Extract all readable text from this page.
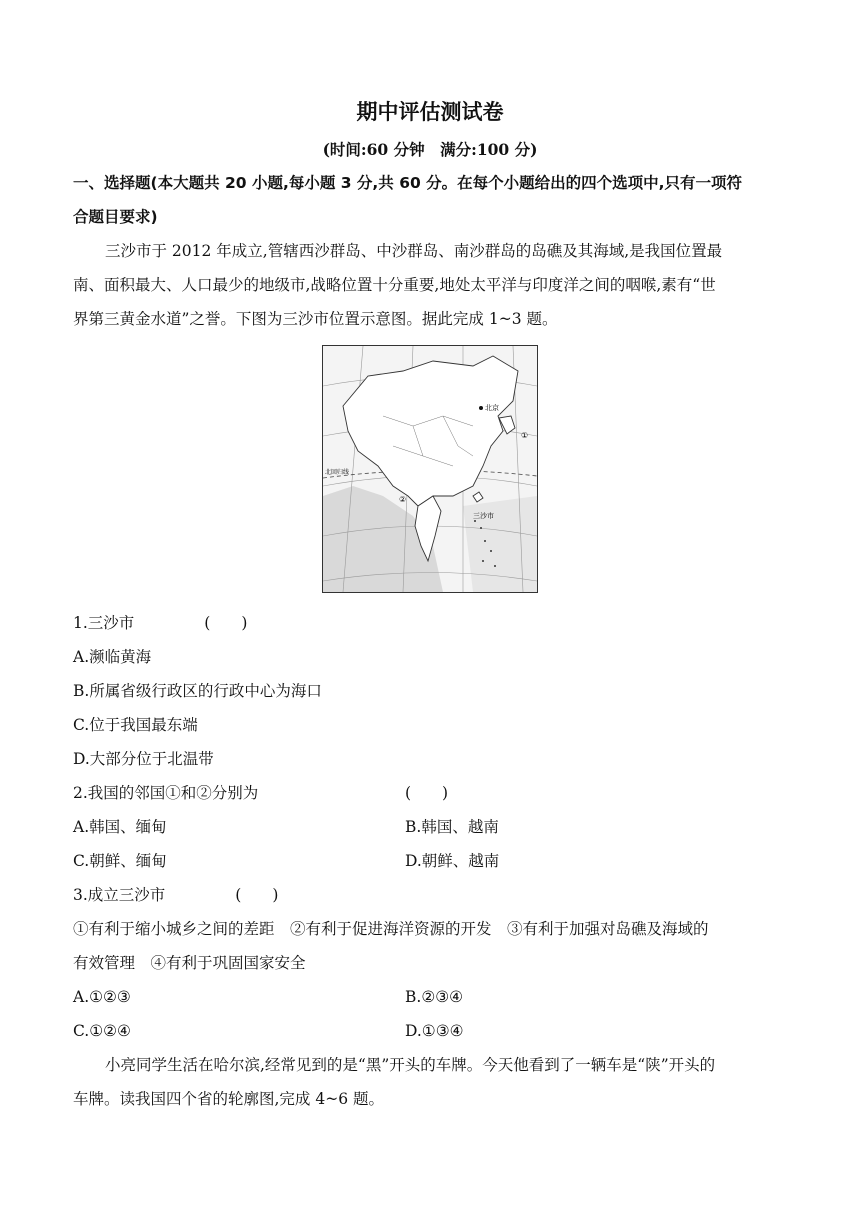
期中评估测试卷
(时间:60 分钟　满分:100 分)
一、选择题(本大题共 20 小题,每小题 3 分,共 60 分。在每个小题给出的四个选项中,只有一项符
合题目要求)
三沙市于 2012 年成立,管辖西沙群岛、中沙群岛、南沙群岛的岛礁及其海域,是我国位置最
南、面积最大、人口最少的地级市,战略位置十分重要,地处太平洋与印度洋之间的咽喉,素有“世
界第三黄金水道”之誉。下图为三沙市位置示意图。据此完成 1~3 题。
北京
三沙市
①
②
北回归线
1.三沙市	(　　)
A.濒临黄海
B.所属省级行政区的行政中心为海口
C.位于我国最东端
D.大部分位于北温带
2.我国的邻国①和②分别为	(　　)
A.韩国、缅甸	B.韩国、越南
C.朝鲜、缅甸	D.朝鲜、越南
3.成立三沙市	(　　)
①有利于缩小城乡之间的差距　②有利于促进海洋资源的开发　③有利于加强对岛礁及海域的
有效管理　④有利于巩固国家安全
A.①②③	B.②③④
C.①②④	D.①③④
小亮同学生活在哈尔滨,经常见到的是“黑”开头的车牌。今天他看到了一辆车是“陕”开头的
车牌。读我国四个省的轮廓图,完成 4~6 题。
